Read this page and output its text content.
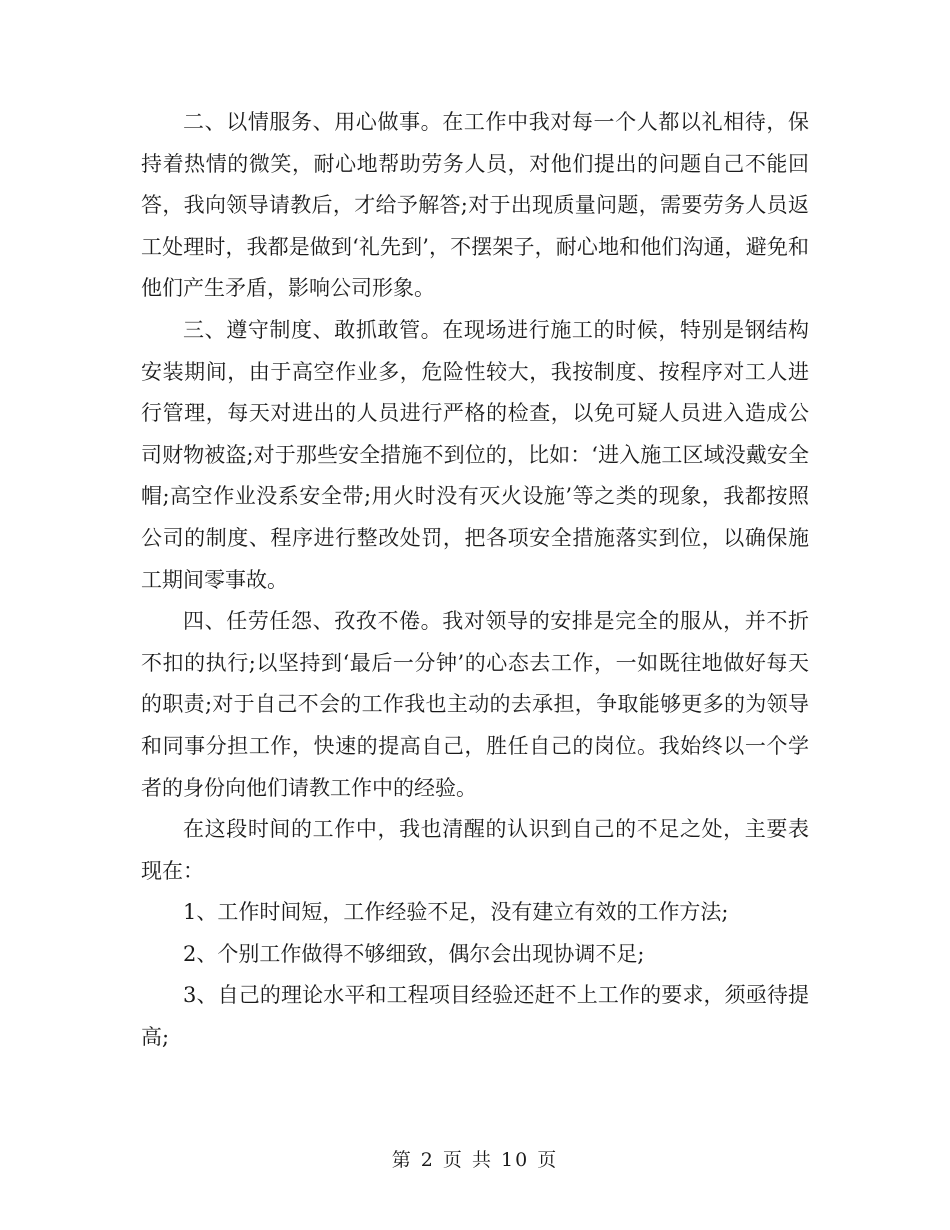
二、以情服务、用心做事。在工作中我对每一个人都以礼相待，保持着热情的微笑，耐心地帮助劳务人员，对他们提出的问题自己不能回答，我向领导请教后，才给予解答;对于出现质量问题，需要劳务人员返工处理时，我都是做到‘礼先到’，不摆架子，耐心地和他们沟通，避免和他们产生矛盾，影响公司形象。

三、遵守制度、敢抓敢管。在现场进行施工的时候，特别是钢结构安装期间，由于高空作业多，危险性较大，我按制度、按程序对工人进行管理，每天对进出的人员进行严格的检查，以免可疑人员进入造成公司财物被盗;对于那些安全措施不到位的，比如：‘进入施工区域没戴安全帽;高空作业没系安全带;用火时没有灭火设施’等之类的现象，我都按照公司的制度、程序进行整改处罚，把各项安全措施落实到位，以确保施工期间零事故。

四、任劳任怨、孜孜不倦。我对领导的安排是完全的服从，并不折不扣的执行;以坚持到‘最后一分钟’的心态去工作，一如既往地做好每天的职责;对于自己不会的工作我也主动的去承担，争取能够更多的为领导和同事分担工作，快速的提高自己，胜任自己的岗位。我始终以一个学者的身份向他们请教工作中的经验。

在这段时间的工作中，我也清醒的认识到自己的不足之处，主要表现在：

1、工作时间短，工作经验不足，没有建立有效的工作方法;

2、个别工作做得不够细致，偶尔会出现协调不足;

3、自己的理论水平和工程项目经验还赶不上工作的要求，须亟待提高;

第 2 页 共 10 页
